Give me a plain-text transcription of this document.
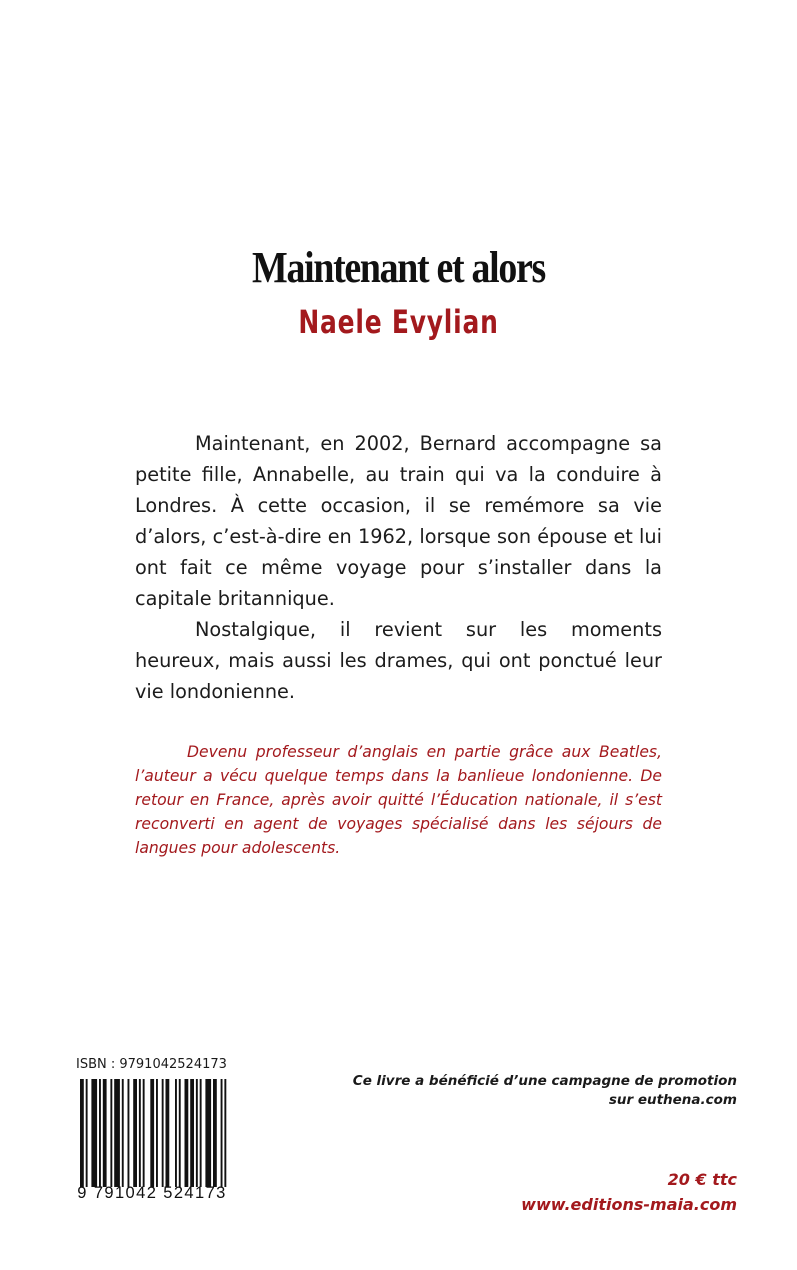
Maintenant et alors
Naele Evylian

Maintenant, en 2002, Bernard accompagne sa petite fille, Annabelle, au train qui va la conduire à Londres. À cette occasion, il se remémore sa vie d’alors, c’est-à-dire en 1962, lorsque son épouse et lui ont fait ce même voyage pour s’installer dans la capitale britannique.

Nostalgique, il revient sur les moments heureux, mais aussi les drames, qui ont ponctué leur vie londonienne.

Devenu professeur d’anglais en partie grâce aux Beatles, l’auteur a vécu quelque temps dans la banlieue londonienne. De retour en France, après avoir quitté l’Éducation nationale, il s’est reconverti en agent de voyages spécialisé dans les séjours de langues pour adolescents.

ISBN : 9791042524173
9 791042 524173
Ce livre a bénéficié d’une campagne de promotion
sur euthena.com
20 € ttc
www.editions-maia.com
